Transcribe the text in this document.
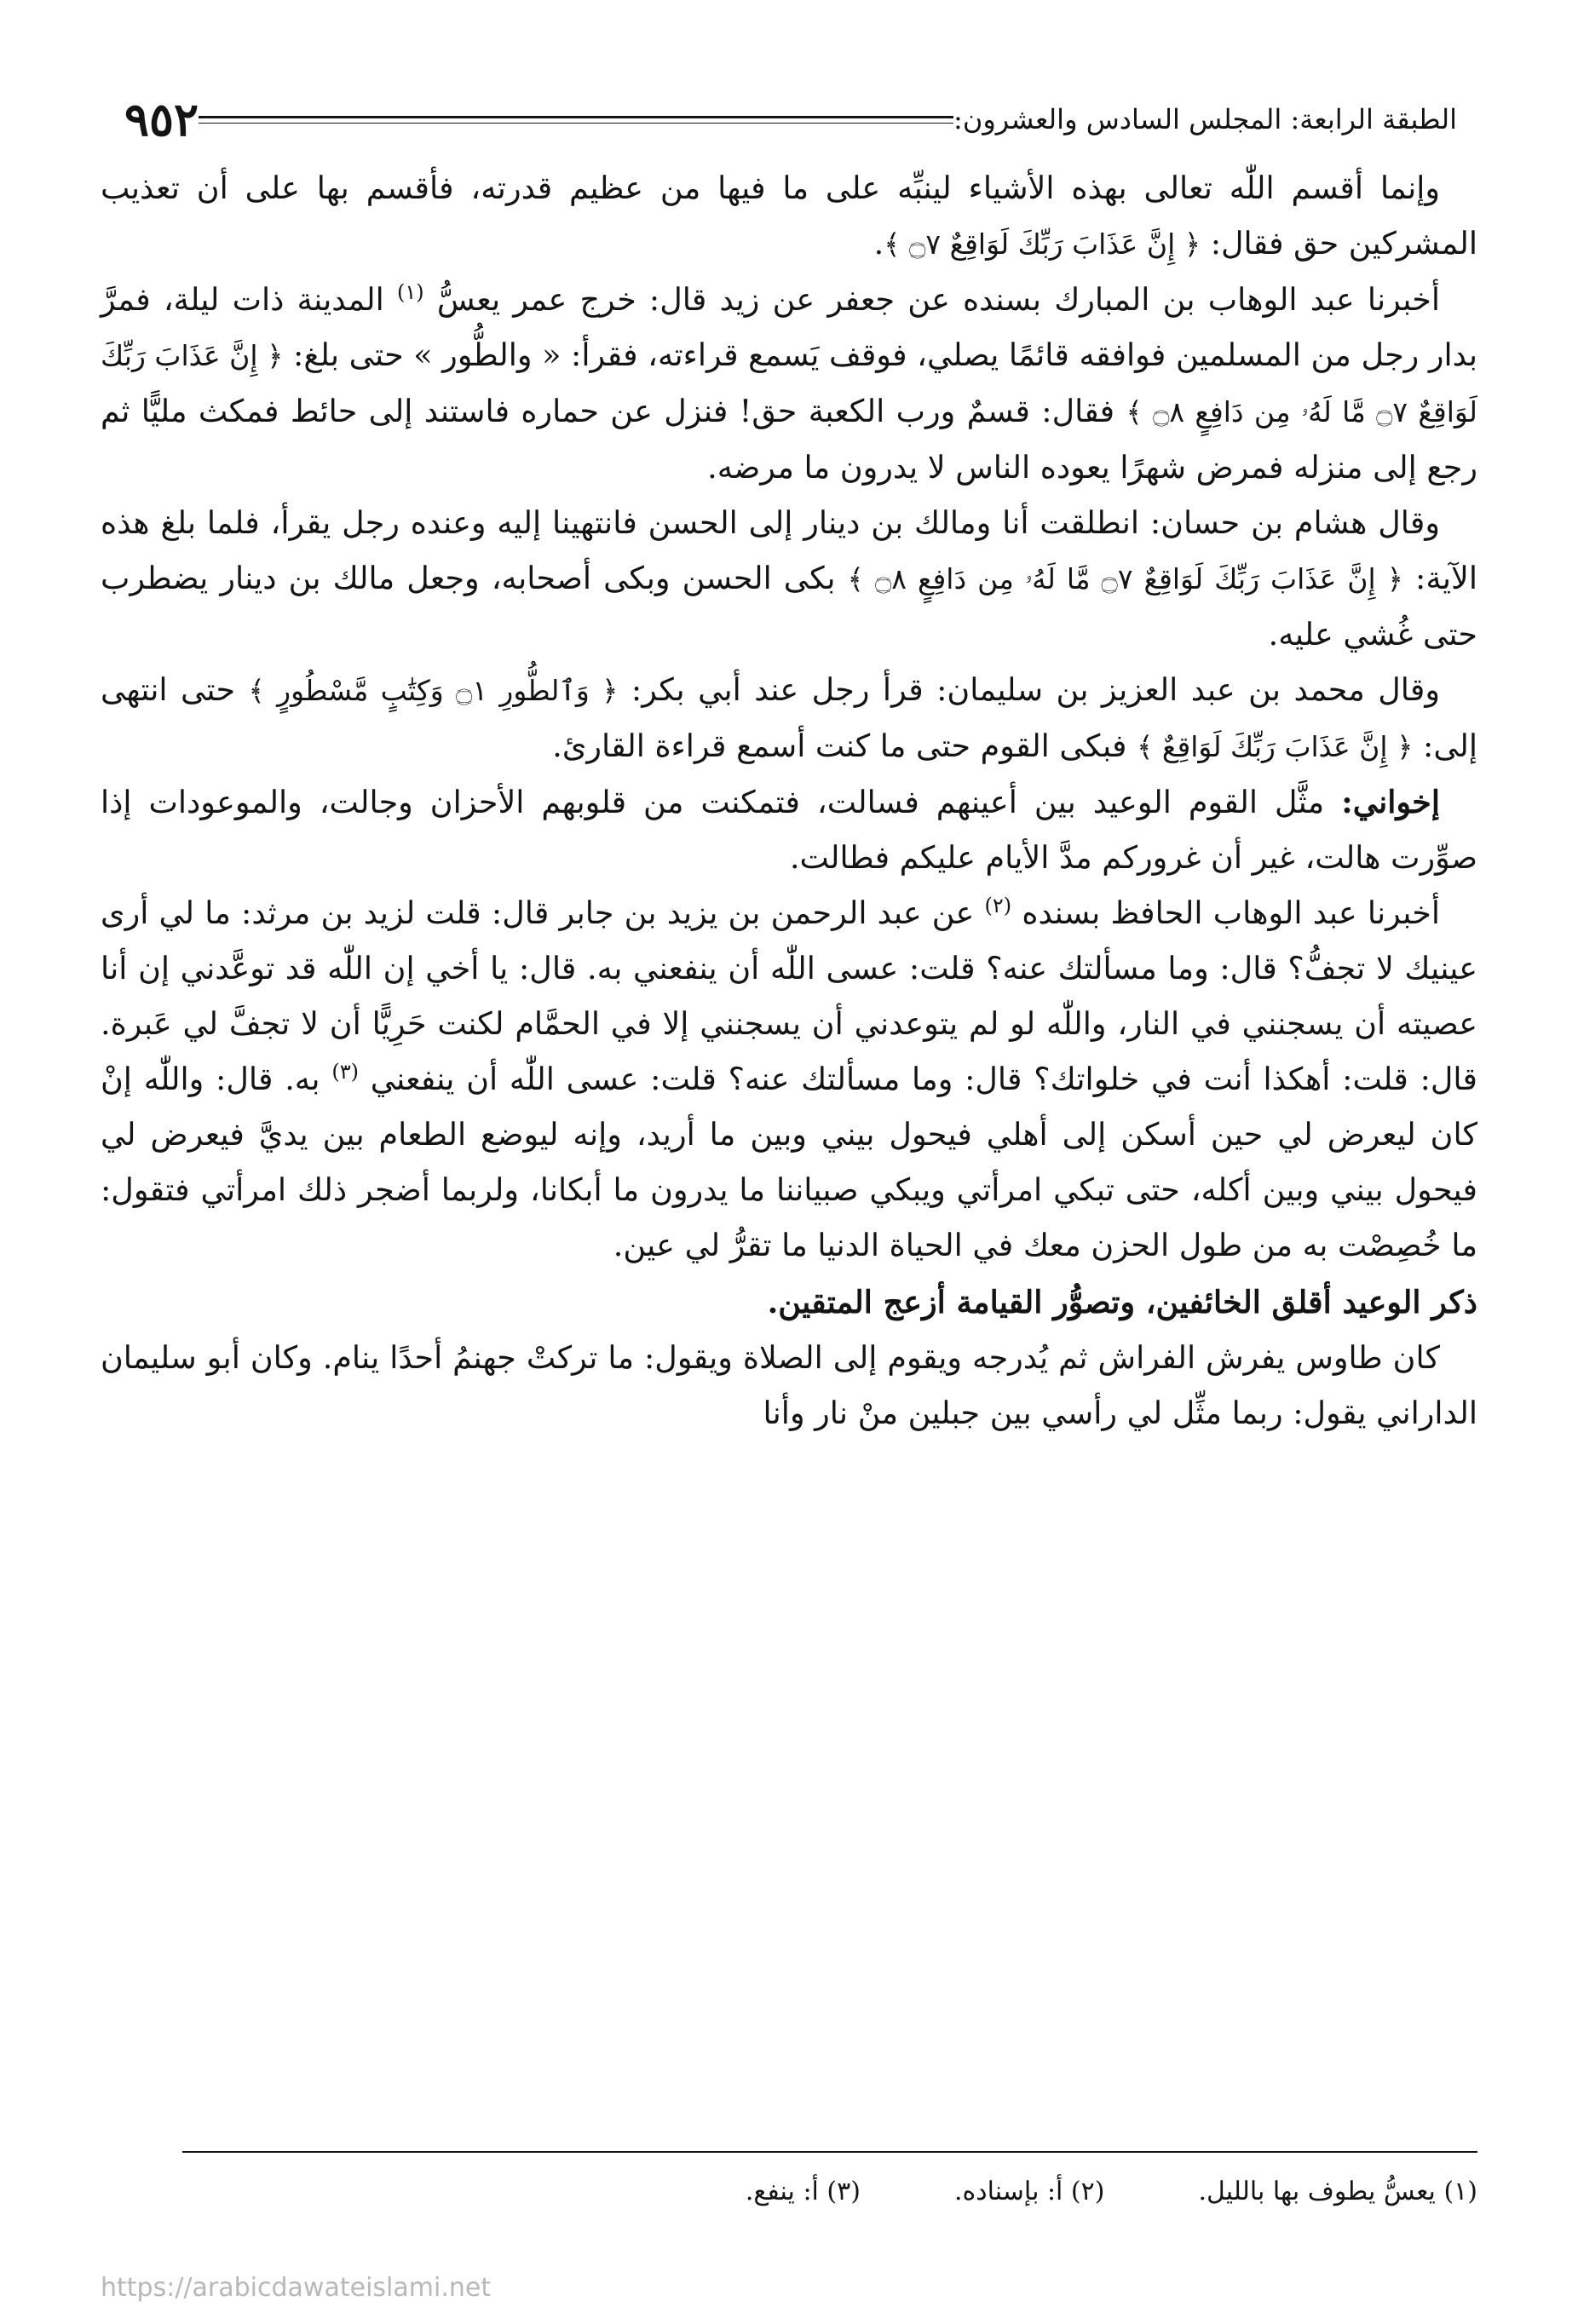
الطبقة الرابعة: المجلس السادس والعشرون:
٩٥٢

وإنما أقسم اللّٰه تعالى بهذه الأشياء لينبِّه على ما فيها من عظيم قدرته، فأقسم بها على أن تعذيب المشركين حق فقال: ﴿ إِنَّ عَذَابَ رَبِّكَ لَوَاقِعٌ ۝٧ ﴾.

أخبرنا عبد الوهاب بن المبارك بسنده عن جعفر عن زيد قال: خرج عمر يعسُّ $^{(١)}$ المدينة ذات ليلة، فمرَّ بدار رجل من المسلمين فوافقه قائمًا يصلي، فوقف يَسمع قراءته، فقرأ: « والطُّور » حتى بلغ: ﴿ إِنَّ عَذَابَ رَبِّكَ لَوَاقِعٌ ۝٧ مَّا لَهُۥ مِن دَافِعٍ ۝٨ ﴾ فقال: قسمٌ ورب الكعبة حق! فنزل عن حماره فاستند إلى حائط فمكث مليًّا ثم رجع إلى منزله فمرض شهرًا يعوده الناس لا يدرون ما مرضه.

وقال هشام بن حسان: انطلقت أنا ومالك بن دينار إلى الحسن فانتهينا إليه وعنده رجل يقرأ، فلما بلغ هذه الآية: ﴿ إِنَّ عَذَابَ رَبِّكَ لَوَاقِعٌ ۝٧ مَّا لَهُۥ مِن دَافِعٍ ۝٨ ﴾ بكى الحسن وبكى أصحابه، وجعل مالك بن دينار يضطرب حتى غُشي عليه.

وقال محمد بن عبد العزيز بن سليمان: قرأ رجل عند أبي بكر: ﴿ وَٱلطُّورِ ۝١ وَكِتَٰبٍ مَّسْطُورٍ ﴾ حتى انتهى إلى: ﴿ إِنَّ عَذَابَ رَبِّكَ لَوَاقِعٌ ﴾ فبكى القوم حتى ما كنت أسمع قراءة القارئ.

إخواني: مثَّل القوم الوعيد بين أعينهم فسالت، فتمكنت من قلوبهم الأحزان وجالت، والموعودات إذا صوِّرت هالت، غير أن غروركم مدَّ الأيام عليكم فطالت.

أخبرنا عبد الوهاب الحافظ بسنده $^{(٢)}$ عن عبد الرحمن بن يزيد بن جابر قال: قلت لزيد بن مرثد: ما لي أرى عينيك لا تجفُّ؟ قال: وما مسألتك عنه؟ قلت: عسى اللّٰه أن ينفعني به. قال: يا أخي إن اللّٰه قد توعَّدني إن أنا عصيته أن يسجنني في النار، واللّٰه لو لم يتوعدني أن يسجنني إلا في الحمَّام لكنت حَرِيًّا أن لا تجفَّ لي عَبرة. قال: قلت: أهكذا أنت في خلواتك؟ قال: وما مسألتك عنه؟ قلت: عسى اللّٰه أن ينفعني $^{(٣)}$ به. قال: واللّٰه إنْ كان ليعرض لي حين أسكن إلى أهلي فيحول بيني وبين ما أريد، وإنه ليوضع الطعام بين يديَّ فيعرض لي فيحول بيني وبين أكله، حتى تبكي امرأتي ويبكي صبياننا ما يدرون ما أبكانا، ولربما أضجر ذلك امرأتي فتقول: ما خُصِصْت به من طول الحزن معك في الحياة الدنيا ما تقرُّ لي عين.

ذكر الوعيد أقلق الخائفين، وتصوُّر القيامة أزعج المتقين.

كان طاوس يفرش الفراش ثم يُدرجه ويقوم إلى الصلاة ويقول: ما تركتْ جهنمُ أحدًا ينام. وكان أبو سليمان الداراني يقول: ربما مثِّل لي رأسي بين جبلين منْ نار وأنا

(١) يعسُّ يطوف بها بالليل.
(٢) أ: بإسناده.
(٣) أ: ينفع.
https://arabicdawateislami.net
